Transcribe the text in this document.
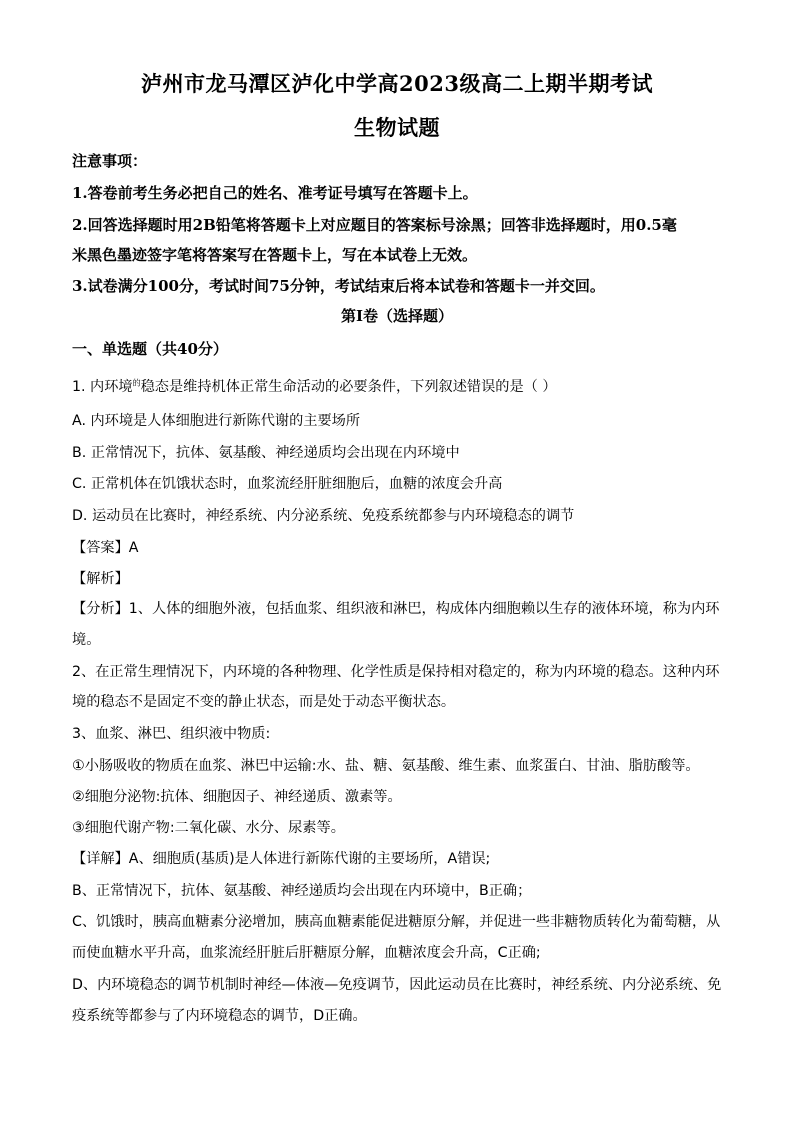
泸州市龙马潭区泸化中学高2023级高二上期半期考试
生物试题
注意事项：
1.答卷前考生务必把自己的姓名、准考证号填写在答题卡上。
2.回答选择题时用2B铅笔将答题卡上对应题目的答案标号涂黑；回答非选择题时，用0.5毫
米黑色墨迹签字笔将答案写在答题卡上，写在本试卷上无效。
3.试卷满分100分，考试时间75分钟，考试结束后将本试卷和答题卡一并交回。
第I卷（选择题）
一、单选题（共40分）
1. 内环境$^的$稳态是维持机体正常生命活动的必要条件，下列叙述错误的是（ ）
A. 内环境是人体细胞进行新陈代谢的主要场所
B. 正常情况下，抗体、氨基酸、神经递质均会出现在内环境中
C. 正常机体在饥饿状态时，血浆流经肝脏细胞后，血糖的浓度会升高
D. 运动员在比赛时，神经系统、内分泌系统、免疫系统都参与内环境稳态的调节
【答案】A
【解析】
【分析】1、人体的细胞外液，包括血浆、组织液和淋巴，构成体内细胞赖以生存的液体环境，称为内环
境。
2、在正常生理情况下，内环境的各种物理、化学性质是保持相对稳定的，称为内环境的稳态。这种内环
境的稳态不是固定不变的静止状态，而是处于动态平衡状态。
3、血浆、淋巴、组织液中物质:
①小肠吸收的物质在血浆、淋巴中运输:水、盐、糖、氨基酸、维生素、血浆蛋白、甘油、脂肪酸等。
②细胞分泌物:抗体、细胞因子、神经递质、激素等。
③细胞代谢产物:二氧化碳、水分、尿素等。
【详解】A、细胞质(基质)是人体进行新陈代谢的主要场所，A错误;
B、正常情况下，抗体、氨基酸、神经递质均会出现在内环境中，B正确；
C、饥饿时，胰高血糖素分泌增加，胰高血糖素能促进糖原分解，并促进一些非糖物质转化为葡萄糖，从
而使血糖水平升高，血浆流经肝脏后肝糖原分解，血糖浓度会升高，C正确;
D、内环境稳态的调节机制时神经—体液—免疫调节，因此运动员在比赛时，神经系统、内分泌系统、免
疫系统等都参与了内环境稳态的调节，D正确。
